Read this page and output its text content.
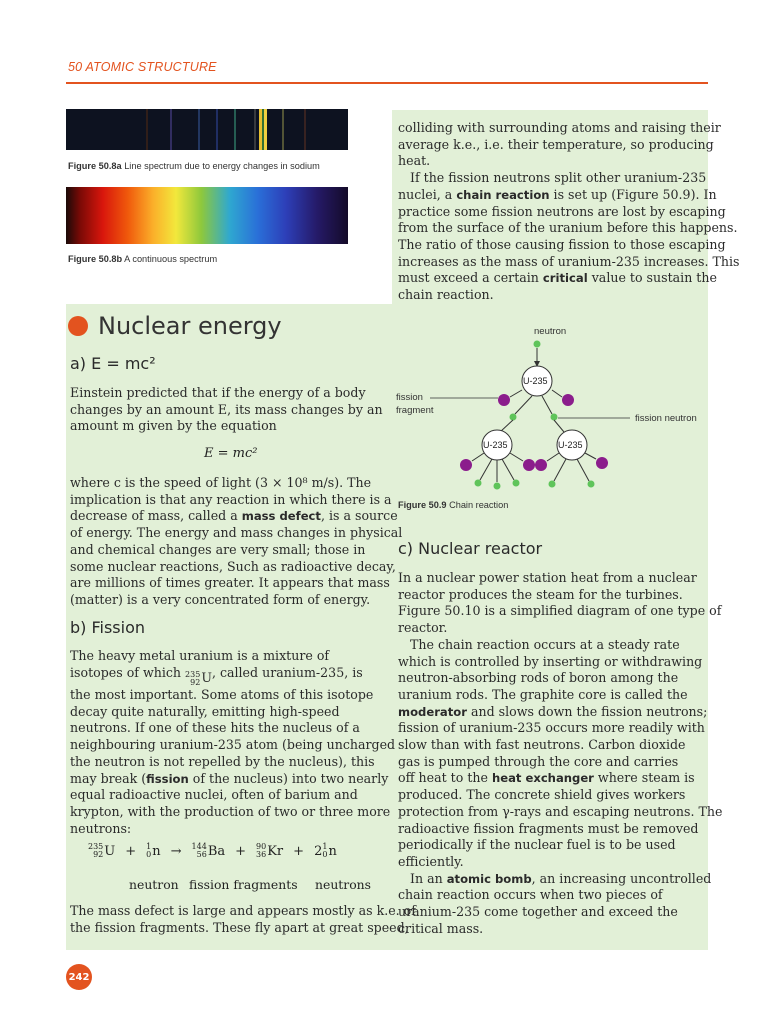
50 ATOMIC STRUCTURE
Figure 50.8a Line spectrum due to energy changes in sodium
Figure 50.8b A continuous spectrum
Nuclear energy
a) E = mc²

Einstein predicted that if the energy of a body

changes by an amount E, its mass changes by an

amount m given by the equation

E = mc²

where c is the speed of light (3 × 10⁸ m/s). The

implication is that any reaction in which there is a

decrease of mass, called a mass defect, is a source

of energy. The energy and mass changes in physical

and chemical changes are very small; those in

some nuclear reactions, Such as radioactive decay,

are millions of times greater. It appears that mass

(matter) is a very concentrated form of energy.

b) Fission

The heavy metal uranium is a mixture of

isotopes of which 235
92 U , called uranium-235, is

the most important. Some atoms of this isotope

decay quite naturally, emitting high-speed

neutrons. If one of these hits the nucleus of a

neighbouring uranium-235 atom (being uncharged

the neutron is not repelled by the nucleus), this

may break (fission of the nucleus) into two nearly

equal radioactive nuclei, often of barium and

krypton, with the production of two or three more

neutrons:

235
92 U + 1
0 n → 144
56 Ba + 90
36 Kr + 2 1
0 n
neutron fission fragments neutrons

The mass defect is large and appears mostly as k.e. of

the fission fragments. These fly apart at great speed,

colliding with surrounding atoms and raising their

average k.e., i.e. their temperature, so producing

heat.

If the fission neutrons split other uranium-235

nuclei, a chain reaction is set up (Figure 50.9). In

practice some fission neutrons are lost by escaping

from the surface of the uranium before this happens.

The ratio of those causing fission to those escaping

increases as the mass of uranium-235 increases. This

must exceed a certain critical value to sustain the

chain reaction.

neutron
U-235
fission
fragment
fission neutron
U-235	U-235
Figure 50.9 Chain reaction
c) Nuclear reactor

In a nuclear power station heat from a nuclear

reactor produces the steam for the turbines.

Figure 50.10 is a simplified diagram of one type of

reactor.

The chain reaction occurs at a steady rate

which is controlled by inserting or withdrawing

neutron-absorbing rods of boron among the

uranium rods. The graphite core is called the

moderator and slows down the fission neutrons;

fission of uranium-235 occurs more readily with

slow than with fast neutrons. Carbon dioxide

gas is pumped through the core and carries

off heat to the heat exchanger where steam is

produced. The concrete shield gives workers

protection from γ-rays and escaping neutrons. The

radioactive fission fragments must be removed

periodically if the nuclear fuel is to be used

efficiently.

In an atomic bomb, an increasing uncontrolled

chain reaction occurs when two pieces of

uranium-235 come together and exceed the

critical mass.

242
